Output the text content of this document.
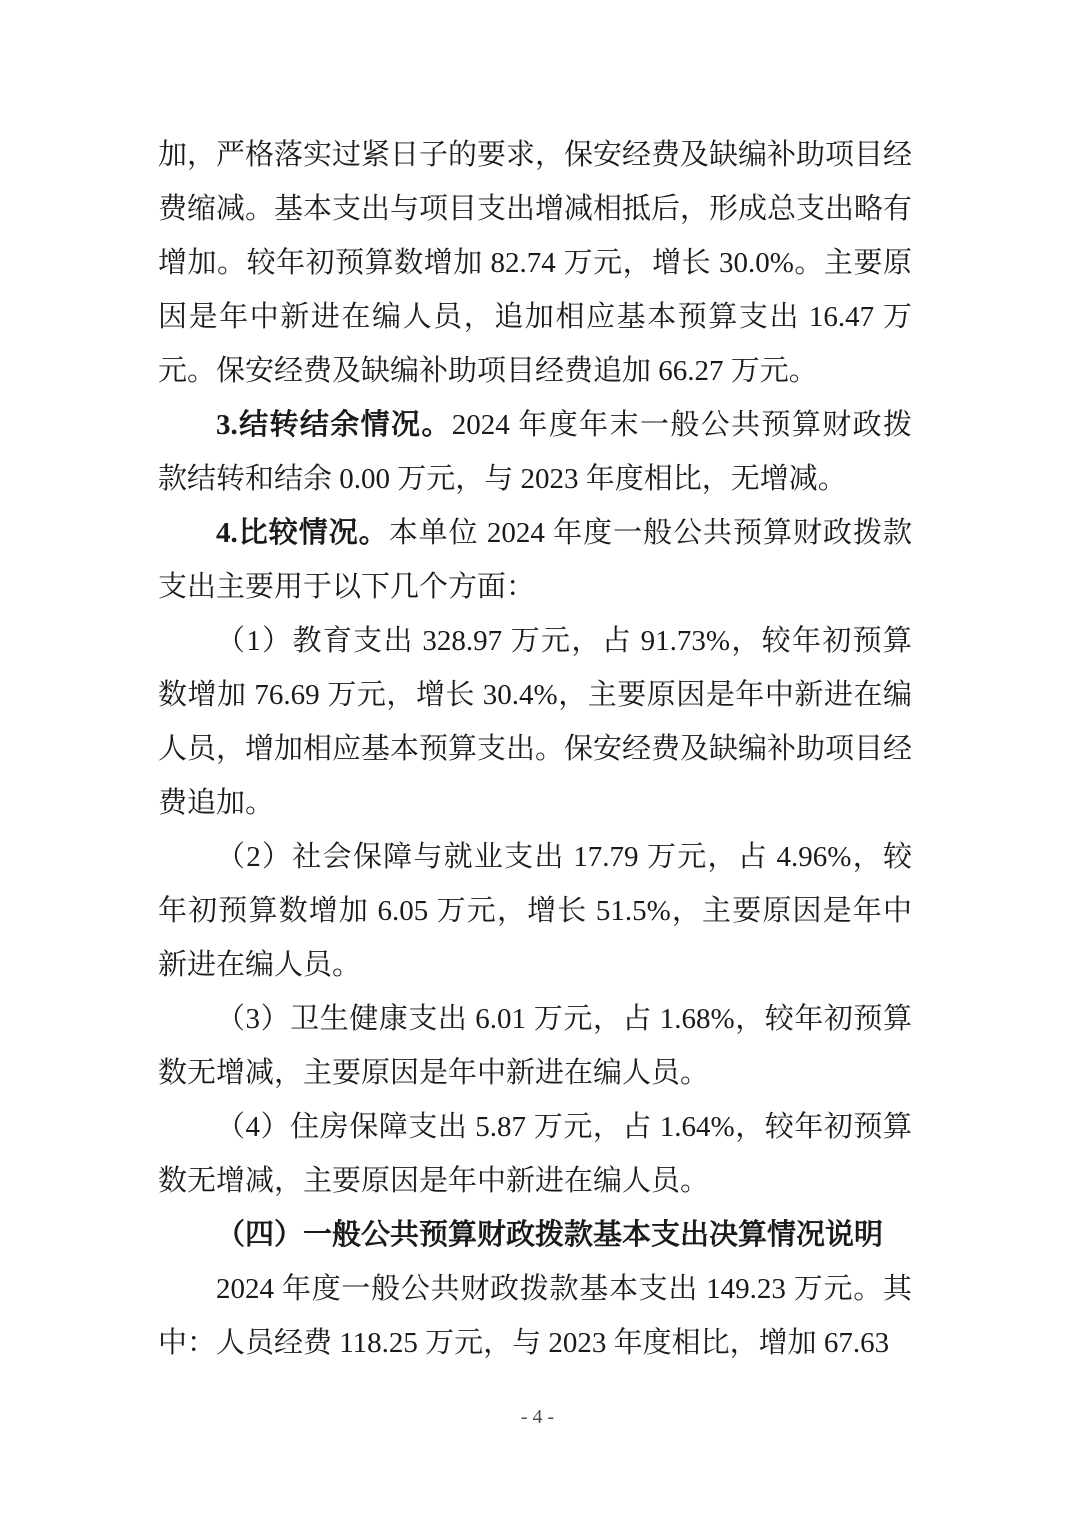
加，严格落实过紧日子的要求，保安经费及缺编补助项目经费缩减。基本支出与项目支出增减相抵后，形成总支出略有增加。较年初预算数增加 82.74 万元，增长 30.0%。主要原因是年中新进在编人员，追加相应基本预算支出 16.47 万元。保安经费及缺编补助项目经费追加 66.27 万元。

3.结转结余情况。2024 年度年末一般公共预算财政拨款结转和结余 0.00 万元，与 2023 年度相比，无增减。

4.比较情况。本单位 2024 年度一般公共预算财政拨款支出主要用于以下几个方面：

（1）教育支出 328.97 万元，占 91.73%，较年初预算数增加 76.69 万元，增长 30.4%，主要原因是年中新进在编人员，增加相应基本预算支出。保安经费及缺编补助项目经费追加。

（2）社会保障与就业支出 17.79 万元，占 4.96%，较年初预算数增加 6.05 万元，增长 51.5%，主要原因是年中新进在编人员。

（3）卫生健康支出 6.01 万元，占 1.68%，较年初预算数无增减，主要原因是年中新进在编人员。

（4）住房保障支出 5.87 万元，占 1.64%，较年初预算数无增减，主要原因是年中新进在编人员。

（四）一般公共预算财政拨款基本支出决算情况说明

2024 年度一般公共财政拨款基本支出 149.23 万元。其中：人员经费 118.25 万元，与 2023 年度相比，增加 67.63

- 4 -
